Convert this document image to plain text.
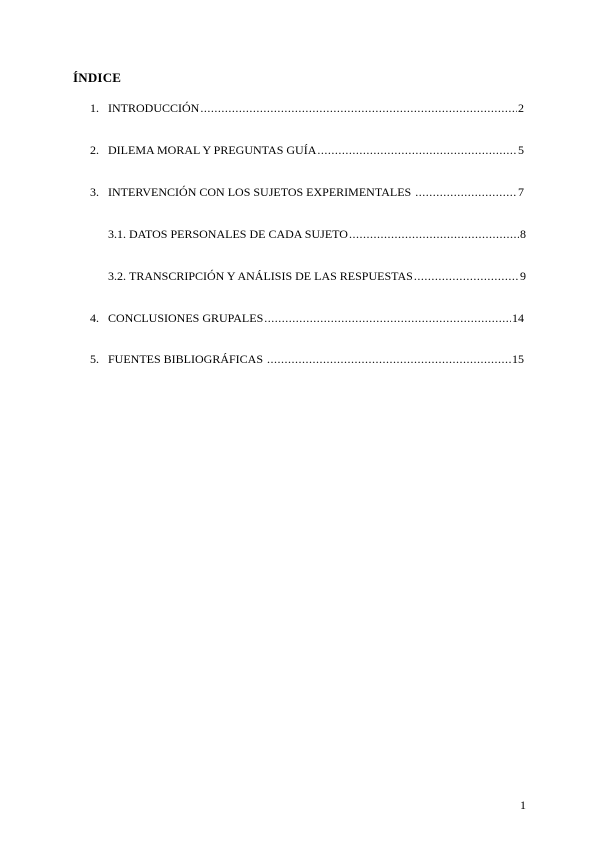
ÍNDICE
1. INTRODUCCIÓN .....	2
2. DILEMA MORAL Y PREGUNTAS GUÍA .....	5
3. INTERVENCIÓN CON LOS SUJETOS EXPERIMENTALES .....	7
3.1. DATOS PERSONALES DE CADA SUJETO .....	8
3.2. TRANSCRIPCIÓN Y ANÁLISIS DE LAS RESPUESTAS .....	9
4. CONCLUSIONES GRUPALES .....	14
5. FUENTES BIBLIOGRÁFICAS .....	15
1
